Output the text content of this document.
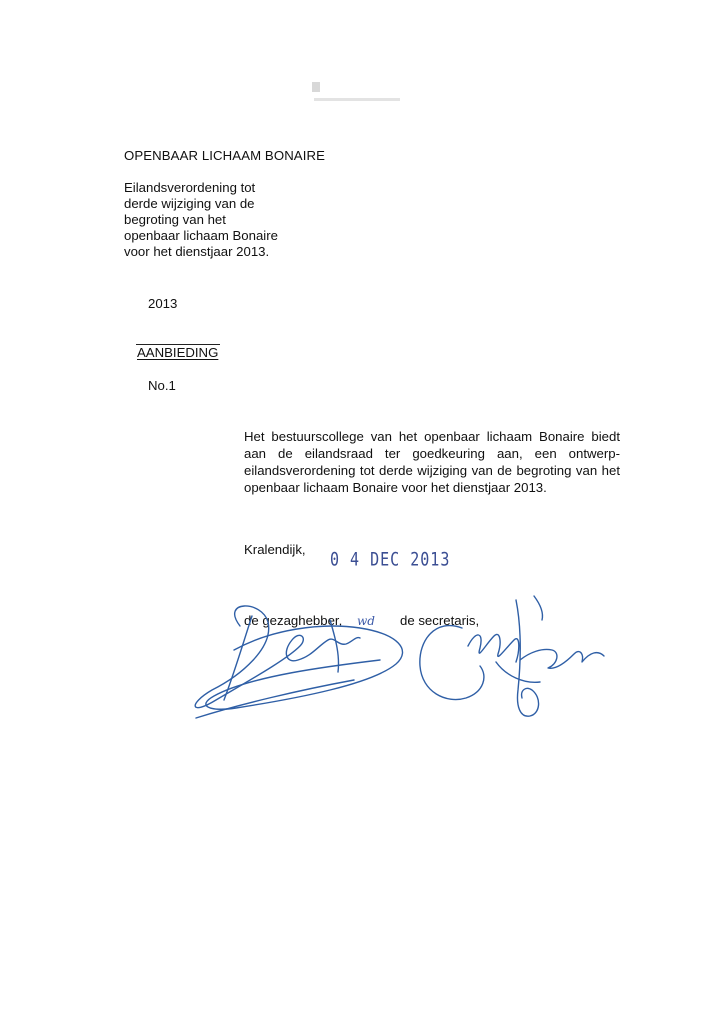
OPENBAAR LICHAAM BONAIRE

Eilandsverordening tot
derde wijziging van de
begroting van het
openbaar lichaam Bonaire
voor het dienstjaar 2013.

2013

AANBIEDING

No.1

Het bestuurscollege van het openbaar lichaam Bonaire biedt aan de eilandsraad ter goedkeuring aan, een ontwerp-eilandsverordening tot derde wijziging van de begroting van het openbaar lichaam Bonaire voor het dienstjaar 2013.

Kralendijk, 0 4 DEC 2013

de gezaghebber, wd de secretaris,
